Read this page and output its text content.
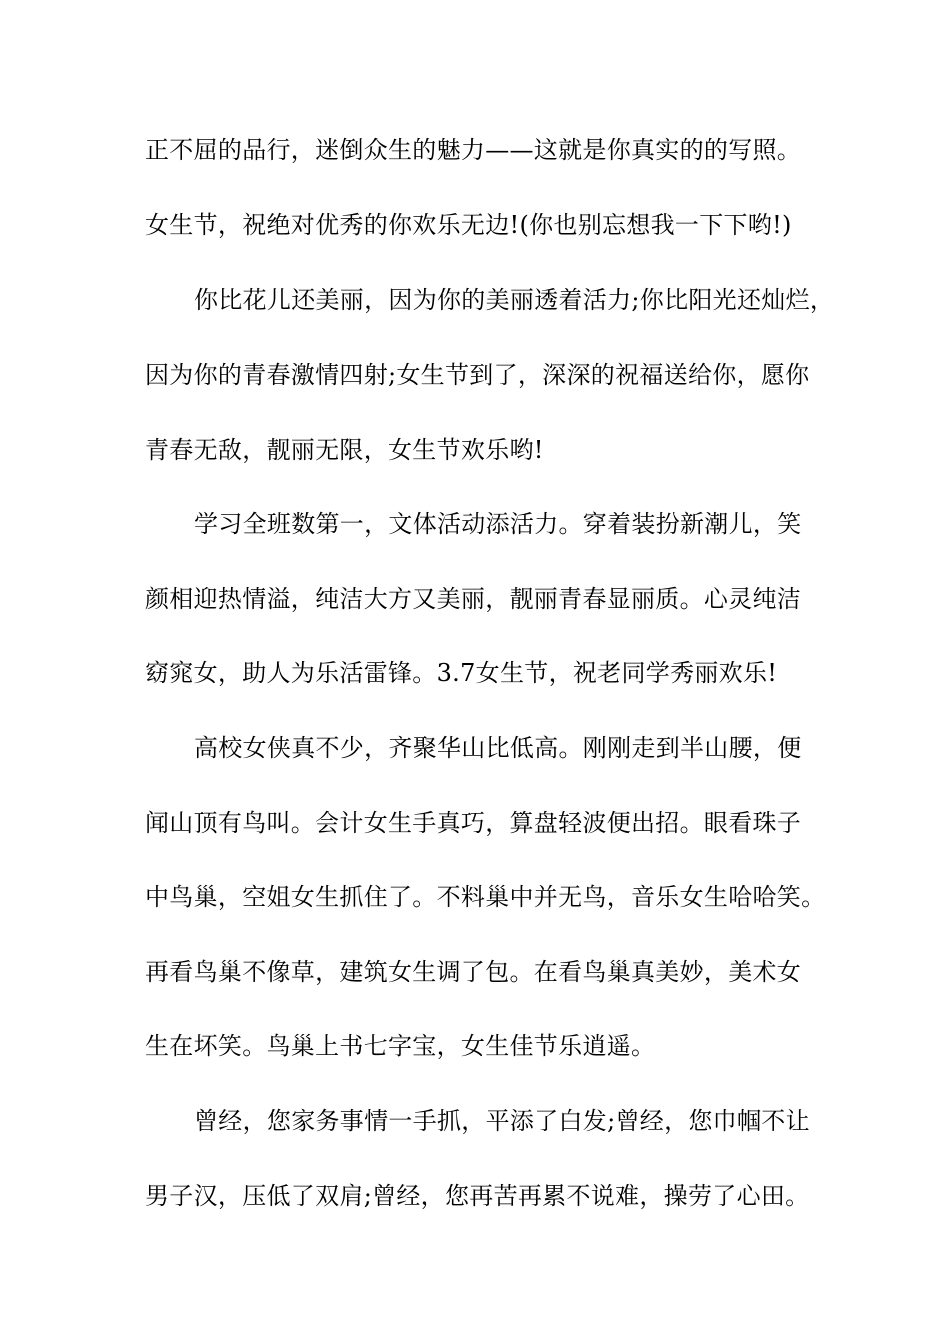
正不屈的品行，迷倒众生的魅力——这就是你真实的的写照。
女生节，祝绝对优秀的你欢乐无边!(你也别忘想我一下下哟!)
你比花儿还美丽，因为你的美丽透着活力;你比阳光还灿烂，
因为你的青春激情四射;女生节到了，深深的祝福送给你，愿你
青春无敌，靓丽无限，女生节欢乐哟!
学习全班数第一，文体活动添活力。穿着装扮新潮儿，笑
颜相迎热情溢，纯洁大方又美丽，靓丽青春显丽质。心灵纯洁
窈窕女，助人为乐活雷锋。3.7女生节，祝老同学秀丽欢乐!
高校女侠真不少，齐聚华山比低高。刚刚走到半山腰，便
闻山顶有鸟叫。会计女生手真巧，算盘轻波便出招。眼看珠子
中鸟巢，空姐女生抓住了。不料巢中并无鸟，音乐女生哈哈笑。
再看鸟巢不像草，建筑女生调了包。在看鸟巢真美妙，美术女
生在坏笑。鸟巢上书七字宝，女生佳节乐逍遥。
曾经，您家务事情一手抓，平添了白发;曾经，您巾帼不让
男子汉，压低了双肩;曾经，您再苦再累不说难，操劳了心田。
